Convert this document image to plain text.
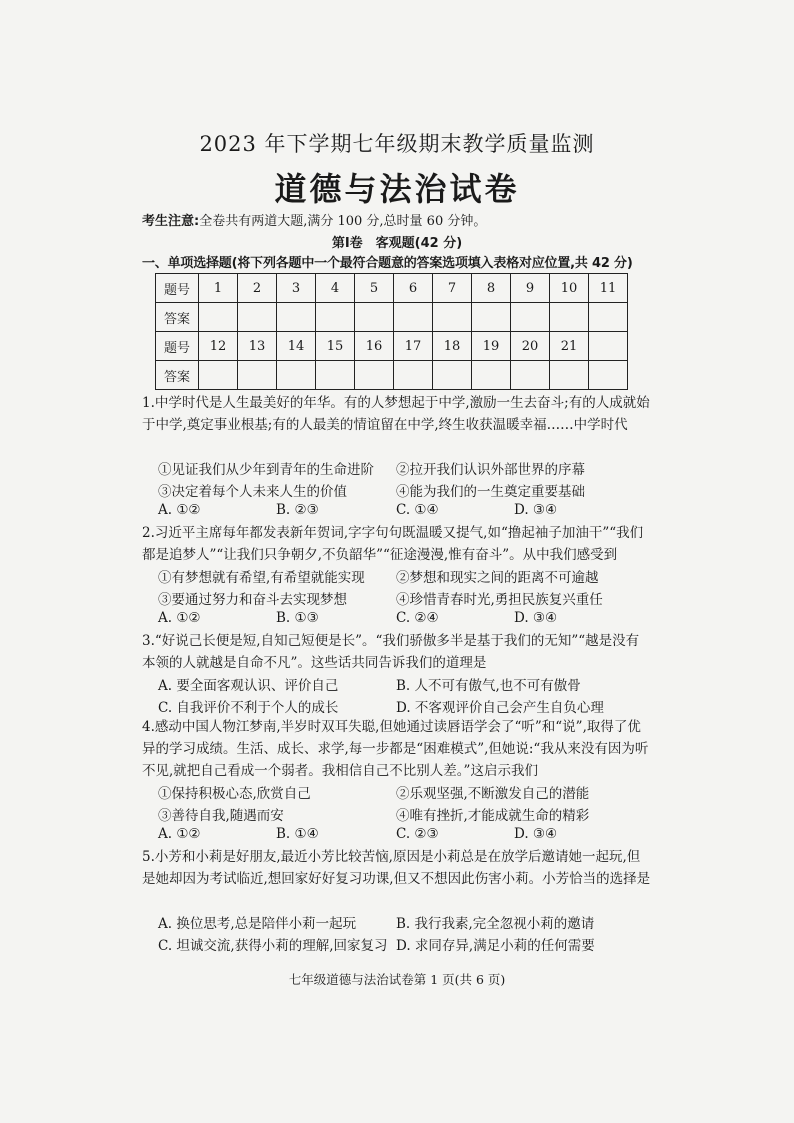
2023 年下学期七年级期末教学质量监测
道德与法治试卷
考生注意:全卷共有两道大题,满分 100 分,总时量 60 分钟。
第Ⅰ卷　客观题(42 分)
一、单项选择题(将下列各题中一个最符合题意的答案选项填入表格对应位置,共 42 分)
题号	1	2	3	4	5	6	7	8	9	10	11
答案											
题号	12	13	14	15	16	17	18	19	20	21	
答案											
1.中学时代是人生最美好的年华。有的人梦想起于中学,激励一生去奋斗;有的人成就始于中学,奠定事业根基;有的人最美的情谊留在中学,终生收获温暖幸福……中学时代
①见证我们从少年到青年的生命进阶 ②拉开我们认识外部世界的序幕
③决定着每个人未来人生的价值	④能为我们的一生奠定重要基础
A. ①②	B. ②③	C. ①④	D. ③④
2.习近平主席每年都发表新年贺词,字字句句既温暖又提气,如“撸起袖子加油干”“我们都是追梦人”“让我们只争朝夕,不负韶华”“征途漫漫,惟有奋斗”。从中我们感受到
①有梦想就有希望,有希望就能实现 ②梦想和现实之间的距离不可逾越
③要通过努力和奋斗去实现梦想	④珍惜青春时光,勇担民族复兴重任
A. ①②	B. ①③	C. ②④	D. ③④
3.“好说己长便是短,自知己短便是长”。“我们骄傲多半是基于我们的无知”“越是没有本领的人就越是自命不凡”。这些话共同告诉我们的道理是
A. 要全面客观认识、评价自己	B. 人不可有傲气,也不可有傲骨
C. 自我评价不利于个人的成长	D. 不客观评价自己会产生自负心理
4.感动中国人物江梦南,半岁时双耳失聪,但她通过读唇语学会了“听”和“说”,取得了优异的学习成绩。生活、成长、求学,每一步都是“困难模式”,但她说:“我从来没有因为听不见,就把自己看成一个弱者。我相信自己不比别人差。”这启示我们
①保持积极心态,欣赏自己	②乐观坚强,不断激发自己的潜能
③善待自我,随遇而安	④唯有挫折,才能成就生命的精彩
A. ①②	B. ①④	C. ②③	D. ③④
5.小芳和小莉是好朋友,最近小芳比较苦恼,原因是小莉总是在放学后邀请她一起玩,但是她却因为考试临近,想回家好好复习功课,但又不想因此伤害小莉。小芳恰当的选择是
A. 换位思考,总是陪伴小莉一起玩	B. 我行我素,完全忽视小莉的邀请
C. 坦诚交流,获得小莉的理解,回家复习 D. 求同存异,满足小莉的任何需要
七年级道德与法治试卷第 1 页(共 6 页)
